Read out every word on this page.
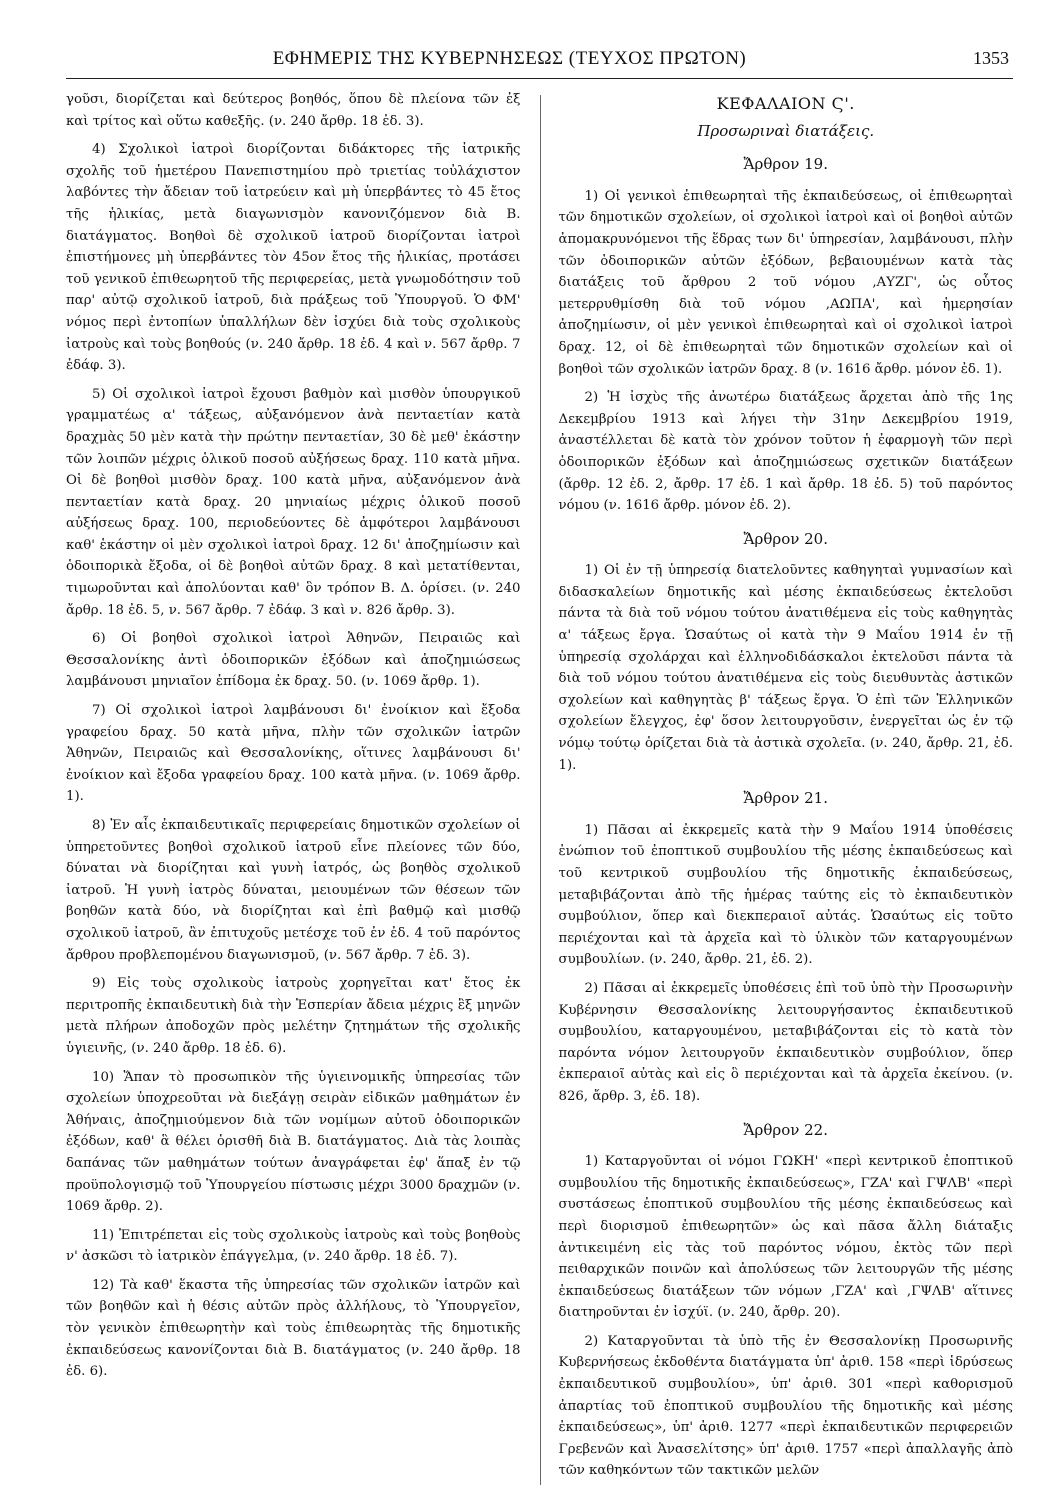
ΕΦΗΜΕΡΙΣ ΤΗΣ ΚΥΒΕΡΝΗΣΕΩΣ (ΤΕΥΧΟΣ ΠΡΩΤΟΝ)	1353

γοῦσι, διορίζεται καὶ δεύτερος βοηθός, ὅπου δὲ πλείονα τῶν ἐξ καὶ τρίτος καὶ οὕτω καθεξῆς. (ν. 240 ἄρθρ. 18 ἐδ. 3).

4) Σχολικοὶ ἰατροὶ διορίζονται διδάκτορες τῆς ἰατρικῆς σχολῆς τοῦ ἡμετέρου Πανεπιστημίου πρὸ τριετίας τοὐλάχιστον λαβόντες τὴν ἄδειαν τοῦ ἰατρεύειν καὶ μὴ ὑπερβάντες τὸ 45 ἔτος τῆς ἡλικίας, μετὰ διαγωνισμὸν κανονιζόμενον διὰ Β. διατάγματος. Βοηθοὶ δὲ σχολικοῦ ἰατροῦ διορίζονται ἰατροὶ ἐπιστήμονες μὴ ὑπερβάντες τὸν 45ον ἔτος τῆς ἡλικίας, προτάσει τοῦ γενικοῦ ἐπιθεωρητοῦ τῆς περιφερείας, μετὰ γνωμοδότησιν τοῦ παρ' αὐτῷ σχολικοῦ ἰατροῦ, διὰ πράξεως τοῦ Ὑπουργοῦ. Ὁ ΦΜ' νόμος περὶ ἐντοπίων ὑπαλλήλων δὲν ἰσχύει διὰ τοὺς σχολικοὺς ἰατροὺς καὶ τοὺς βοηθούς (ν. 240 ἄρθρ. 18 ἐδ. 4 καὶ ν. 567 ἄρθρ. 7 ἐδάφ. 3).

5) Οἱ σχολικοὶ ἰατροὶ ἔχουσι βαθμὸν καὶ μισθὸν ὑπουργικοῦ γραμματέως α' τάξεως, αὐξανόμενον ἀνὰ πενταετίαν κατὰ δραχμὰς 50 μὲν κατὰ τὴν πρώτην πενταετίαν, 30 δὲ μεθ' ἑκάστην τῶν λοιπῶν μέχρις ὁλικοῦ ποσοῦ αὐξήσεως δραχ. 110 κατὰ μῆνα. Οἱ δὲ βοηθοὶ μισθὸν δραχ. 100 κατὰ μῆνα, αὐξανόμενον ἀνὰ πενταετίαν κατὰ δραχ. 20 μηνιαίως μέχρις ὁλικοῦ ποσοῦ αὐξήσεως δραχ. 100, περιοδεύοντες δὲ ἀμφότεροι λαμβάνουσι καθ' ἑκάστην οἱ μὲν σχολικοὶ ἰατροὶ δραχ. 12 δι' ἀποζημίωσιν καὶ ὁδοιπορικὰ ἔξοδα, οἱ δὲ βοηθοὶ αὐτῶν δραχ. 8 καὶ μετατίθενται, τιμωροῦνται καὶ ἀπολύονται καθ' ὃν τρόπον Β. Δ. ὁρίσει. (ν. 240 ἄρθρ. 18 ἐδ. 5, ν. 567 ἄρθρ. 7 ἐδάφ. 3 καὶ ν. 826 ἄρθρ. 3).

6) Οἱ βοηθοὶ σχολικοὶ ἰατροὶ Ἀθηνῶν, Πειραιῶς καὶ Θεσσαλονίκης ἀντὶ ὁδοιπορικῶν ἐξόδων καὶ ἀποζημιώσεως λαμβάνουσι μηνιαῖον ἐπίδομα ἐκ δραχ. 50. (ν. 1069 ἄρθρ. 1).

7) Οἱ σχολικοὶ ἰατροὶ λαμβάνουσι δι' ἐνοίκιον καὶ ἔξοδα γραφείου δραχ. 50 κατὰ μῆνα, πλὴν τῶν σχολικῶν ἰατρῶν Ἀθηνῶν, Πειραιῶς καὶ Θεσσαλονίκης, οἵτινες λαμβάνουσι δι' ἐνοίκιον καὶ ἔξοδα γραφείου δραχ. 100 κατὰ μῆνα. (ν. 1069 ἄρθρ. 1).

8) Ἐν αἷς ἐκπαιδευτικαῖς περιφερείαις δημοτικῶν σχολείων οἱ ὑπηρετοῦντες βοηθοὶ σχολικοῦ ἰατροῦ εἶνε πλείονες τῶν δύο, δύναται νὰ διορίζηται καὶ γυνὴ ἰατρός, ὡς βοηθὸς σχολικοῦ ἰατροῦ. Ἡ γυνὴ ἰατρὸς δύναται, μειουμένων τῶν θέσεων τῶν βοηθῶν κατὰ δύο, νὰ διορίζηται καὶ ἐπὶ βαθμῷ καὶ μισθῷ σχολικοῦ ἰατροῦ, ἂν ἐπιτυχοῦς μετέσχε τοῦ ἐν ἐδ. 4 τοῦ παρόντος ἄρθρου προβλεπομένου διαγωνισμοῦ, (ν. 567 ἄρθρ. 7 ἐδ. 3).

9) Εἰς τοὺς σχολικοὺς ἰατροὺς χορηγεῖται κατ' ἔτος ἐκ περιτροπῆς ἐκπαιδευτικὴ διὰ τὴν Ἑσπερίαν ἄδεια μέχρις ἓξ μηνῶν μετὰ πλήρων ἀποδοχῶν πρὸς μελέτην ζητημάτων τῆς σχολικῆς ὑγιεινῆς, (ν. 240 ἄρθρ. 18 ἐδ. 6).

10) Ἅπαν τὸ προσωπικὸν τῆς ὑγιεινομικῆς ὑπηρεσίας τῶν σχολείων ὑποχρεοῦται νὰ διεξάγῃ σειρὰν εἰδικῶν μαθημάτων ἐν Ἀθήναις, ἀποζημιούμενον διὰ τῶν νομίμων αὐτοῦ ὁδοιπορικῶν ἐξόδων, καθ' ἃ θέλει ὁρισθῆ διὰ Β. διατάγματος. Διὰ τὰς λοιπὰς δαπάνας τῶν μαθημάτων τούτων ἀναγράφεται ἐφ' ἅπαξ ἐν τῷ προϋπολογισμῷ τοῦ Ὑπουργείου πίστωσις μέχρι 3000 δραχμῶν (ν. 1069 ἄρθρ. 2).

11) Ἐπιτρέπεται εἰς τοὺς σχολικοὺς ἰατροὺς καὶ τοὺς βοηθοὺς ν' ἀσκῶσι τὸ ἰατρικὸν ἐπάγγελμα, (ν. 240 ἄρθρ. 18 ἐδ. 7).

12) Τὰ καθ' ἕκαστα τῆς ὑπηρεσίας τῶν σχολικῶν ἰατρῶν καὶ τῶν βοηθῶν καὶ ἡ θέσις αὐτῶν πρὸς ἀλλήλους, τὸ Ὑπουργεῖον, τὸν γενικὸν ἐπιθεωρητὴν καὶ τοὺς ἐπιθεωρητὰς τῆς δημοτικῆς ἐκπαιδεύσεως κανονίζονται διὰ Β. διατάγματος (ν. 240 ἄρθρ. 18 ἐδ. 6).

ΚΕΦΑΛΑΙΟΝ Ϛ'.
Προσωριναὶ διατάξεις.
Ἄρθρον 19.

1) Οἱ γενικοὶ ἐπιθεωρηταὶ τῆς ἐκπαιδεύσεως, οἱ ἐπιθεωρηταὶ τῶν δημοτικῶν σχολείων, οἱ σχολικοὶ ἰατροὶ καὶ οἱ βοηθοὶ αὐτῶν ἀπομακρυνόμενοι τῆς ἕδρας των δι' ὑπηρεσίαν, λαμβάνουσι, πλὴν τῶν ὁδοιπορικῶν αὐτῶν ἐξόδων, βεβαιουμένων κατὰ τὰς διατάξεις τοῦ ἄρθρου 2 τοῦ νόμου ,ΑΥΖΓ', ὡς οὗτος μετερρυθμίσθη διὰ τοῦ νόμου ,ΑΩΠΑ', καὶ ἡμερησίαν ἀποζημίωσιν, οἱ μὲν γενικοὶ ἐπιθεωρηταὶ καὶ οἱ σχολικοὶ ἰατροὶ δραχ. 12, οἱ δὲ ἐπιθεωρηταὶ τῶν δημοτικῶν σχολείων καὶ οἱ βοηθοὶ τῶν σχολικῶν ἰατρῶν δραχ. 8 (ν. 1616 ἄρθρ. μόνον ἐδ. 1).

2) Ἡ ἰσχὺς τῆς ἀνωτέρω διατάξεως ἄρχεται ἀπὸ τῆς 1ης Δεκεμβρίου 1913 καὶ λήγει τὴν 31ην Δεκεμβρίου 1919, ἀναστέλλεται δὲ κατὰ τὸν χρόνον τοῦτον ἡ ἐφαρμογὴ τῶν περὶ ὁδοιπορικῶν ἐξόδων καὶ ἀποζημιώσεως σχετικῶν διατάξεων (ἄρθρ. 12 ἐδ. 2, ἄρθρ. 17 ἐδ. 1 καὶ ἄρθρ. 18 ἐδ. 5) τοῦ παρόντος νόμου (ν. 1616 ἄρθρ. μόνον ἐδ. 2).

Ἄρθρον 20.

1) Οἱ ἐν τῇ ὑπηρεσίᾳ διατελοῦντες καθηγηταὶ γυμνασίων καὶ διδασκαλείων δημοτικῆς καὶ μέσης ἐκπαιδεύσεως ἐκτελοῦσι πάντα τὰ διὰ τοῦ νόμου τούτου ἀνατιθέμενα εἰς τοὺς καθηγητὰς α' τάξεως ἔργα. Ὡσαύτως οἱ κατὰ τὴν 9 Μαΐου 1914 ἐν τῇ ὑπηρεσίᾳ σχολάρχαι καὶ ἑλληνοδιδάσκαλοι ἐκτελοῦσι πάντα τὰ διὰ τοῦ νόμου τούτου ἀνατιθέμενα εἰς τοὺς διευθυντὰς ἀστικῶν σχολείων καὶ καθηγητὰς β' τάξεως ἔργα. Ὁ ἐπὶ τῶν Ἑλληνικῶν σχολείων ἔλεγχος, ἐφ' ὅσον λειτουργοῦσιν, ἐνεργεῖται ὡς ἐν τῷ νόμῳ τούτῳ ὁρίζεται διὰ τὰ ἀστικὰ σχολεῖα. (ν. 240, ἄρθρ. 21, ἐδ. 1).

Ἄρθρον 21.

1) Πᾶσαι αἱ ἐκκρεμεῖς κατὰ τὴν 9 Μαΐου 1914 ὑποθέσεις ἐνώπιον τοῦ ἐποπτικοῦ συμβουλίου τῆς μέσης ἐκπαιδεύσεως καὶ τοῦ κεντρικοῦ συμβουλίου τῆς δημοτικῆς ἐκπαιδεύσεως, μεταβιβάζονται ἀπὸ τῆς ἡμέρας ταύτης εἰς τὸ ἐκπαιδευτικὸν συμβούλιον, ὅπερ καὶ διεκπεραιοῖ αὐτάς. Ὡσαύτως εἰς τοῦτο περιέχονται καὶ τὰ ἀρχεῖα καὶ τὸ ὑλικὸν τῶν καταργουμένων συμβουλίων. (ν. 240, ἄρθρ. 21, ἐδ. 2).

2) Πᾶσαι αἱ ἐκκρεμεῖς ὑποθέσεις ἐπὶ τοῦ ὑπὸ τὴν Προσωρινὴν Κυβέρνησιν Θεσσαλονίκης λειτουργήσαντος ἐκπαιδευτικοῦ συμβουλίου, καταργουμένου, μεταβιβάζονται εἰς τὸ κατὰ τὸν παρόντα νόμον λειτουργοῦν ἐκπαιδευτικὸν συμβούλιον, ὅπερ ἐκπεραιοῖ αὐτὰς καὶ εἰς ὃ περιέχονται καὶ τὰ ἀρχεῖα ἐκείνου. (ν. 826, ἄρθρ. 3, ἐδ. 18).

Ἄρθρον 22.

1) Καταργοῦνται οἱ νόμοι ΓΩΚΗ' «περὶ κεντρικοῦ ἐποπτικοῦ συμβουλίου τῆς δημοτικῆς ἐκπαιδεύσεως», ΓΖΑ' καὶ ΓΨΛΒ' «περὶ συστάσεως ἐποπτικοῦ συμβουλίου τῆς μέσης ἐκπαιδεύσεως καὶ περὶ διορισμοῦ ἐπιθεωρητῶν» ὡς καὶ πᾶσα ἄλλη διάταξις ἀντικειμένη εἰς τὰς τοῦ παρόντος νόμου, ἐκτὸς τῶν περὶ πειθαρχικῶν ποινῶν καὶ ἀπολύσεως τῶν λειτουργῶν τῆς μέσης ἐκπαιδεύσεως διατάξεων τῶν νόμων ,ΓΖΑ' καὶ ,ΓΨΛΒ' αἵτινες διατηροῦνται ἐν ἰσχύϊ. (ν. 240, ἄρθρ. 20).

2) Καταργοῦνται τὰ ὑπὸ τῆς ἐν Θεσσαλονίκῃ Προσωρινῆς Κυβερνήσεως ἐκδοθέντα διατάγματα ὑπ' ἀριθ. 158 «περὶ ἱδρύσεως ἐκπαιδευτικοῦ συμβουλίου», ὑπ' ἀριθ. 301 «περὶ καθορισμοῦ ἀπαρτίας τοῦ ἐποπτικοῦ συμβουλίου τῆς δημοτικῆς καὶ μέσης ἐκπαιδεύσεως», ὑπ' ἀριθ. 1277 «περὶ ἐκπαιδευτικῶν περιφερειῶν Γρεβενῶν καὶ Ἀνασελίτσης» ὑπ' ἀριθ. 1757 «περὶ ἀπαλλαγῆς ἀπὸ τῶν καθηκόντων τῶν τακτικῶν μελῶν
